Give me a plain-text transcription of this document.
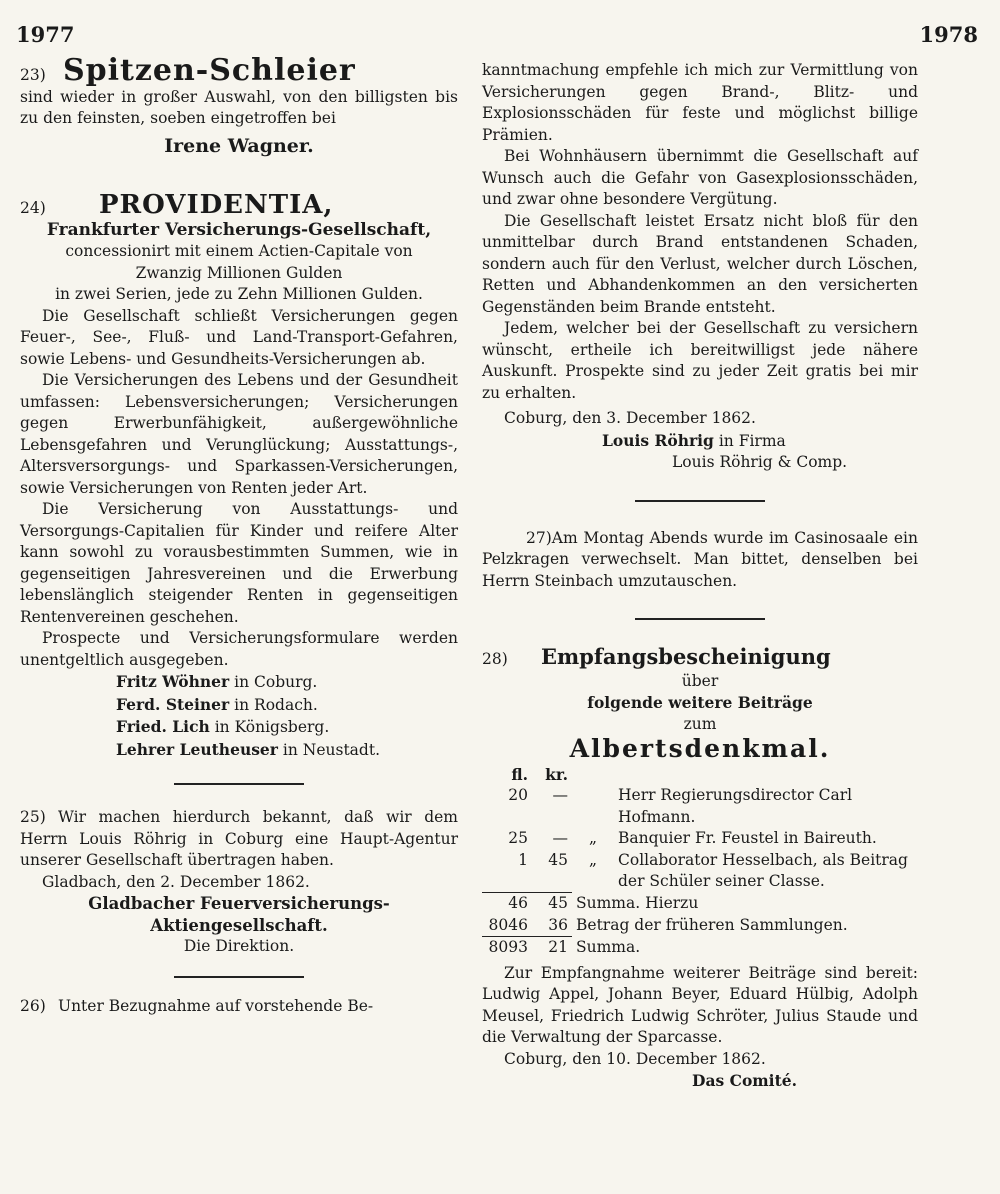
1977	1978

23) Spitzen-Schleier

sind wieder in großer Auswahl, von den billigsten bis zu den feinsten, soeben eingetroffen bei

Irene Wagner.

24) PROVIDENTIA,

Frankfurter Versicherungs-Gesellschaft,

concessionirt mit einem Actien-Capitale von

Zwanzig Millionen Gulden

in zwei Serien, jede zu Zehn Millionen Gulden.

Die Gesellschaft schließt Versicherungen gegen Feuer-, See-, Fluß- und Land-Transport-Gefahren, sowie Lebens- und Gesundheits-Versicherungen ab.

Die Versicherungen des Lebens und der Gesundheit umfassen: Lebensversicherungen; Versicherungen gegen Erwerbunfähigkeit, außergewöhnliche Lebensgefahren und Verunglückung; Ausstattungs-, Altersversorgungs- und Sparkassen-Versicherungen, sowie Versicherungen von Renten jeder Art.

Die Versicherung von Ausstattungs- und Versorgungs-Capitalien für Kinder und reifere Alter kann sowohl zu vorausbestimmten Summen, wie in gegenseitigen Jahresvereinen und die Erwerbung lebenslänglich steigender Renten in gegenseitigen Rentenvereinen geschehen.

Prospecte und Versicherungsformulare werden unentgeltlich ausgegeben.

Fritz Wöhner in Coburg.

Ferd. Steiner in Rodach.

Fried. Lich in Königsberg.

Lehrer Leutheuser in Neustadt.

25) Wir machen hierdurch bekannt, daß wir dem Herrn Louis Röhrig in Coburg eine Haupt-Agentur unserer Gesellschaft übertragen haben.

Gladbach, den 2. December 1862.

Gladbacher Feuerversicherungs-Aktiengesellschaft.

Die Direktion.

26) Unter Bezugnahme auf vorstehende Be-

kanntmachung empfehle ich mich zur Vermittlung von Versicherungen gegen Brand-, Blitz- und Explosionsschäden für feste und möglichst billige Prämien.

Bei Wohnhäusern übernimmt die Gesellschaft auf Wunsch auch die Gefahr von Gasexplosionsschäden, und zwar ohne besondere Vergütung.

Die Gesellschaft leistet Ersatz nicht bloß für den unmittelbar durch Brand entstandenen Schaden, sondern auch für den Verlust, welcher durch Löschen, Retten und Abhandenkommen an den versicherten Gegenständen beim Brande entsteht.

Jedem, welcher bei der Gesellschaft zu versichern wünscht, ertheile ich bereitwilligst jede nähere Auskunft. Prospekte sind zu jeder Zeit gratis bei mir zu erhalten.

Coburg, den 3. December 1862.

Louis Röhrig in Firma

Louis Röhrig & Comp.

27)Am Montag Abends wurde im Casinosaale ein Pelzkragen verwechselt. Man bittet, denselben bei Herrn Steinbach umzutauschen.

28) Empfangsbescheinigung

über

folgende weitere Beiträge

zum

Albertsdenkmal.

fl.	kr.		
20	—		Herr Regierungsdirector Carl Hofmann.
25	—	„	Banquier Fr. Feustel in Baireuth.
1	45	„	Collaborator Hesselbach, als Beitrag der Schüler seiner Classe.
46	45	Summa. Hierzu	
8046	36	Betrag der früheren Sammlungen.	
8093	21	Summa.	

Zur Empfangnahme weiterer Beiträge sind bereit: Ludwig Appel, Johann Beyer, Eduard Hülbig, Adolph Meusel, Friedrich Ludwig Schröter, Julius Staude und die Verwaltung der Sparcasse.

Coburg, den 10. December 1862.

Das Comité.
